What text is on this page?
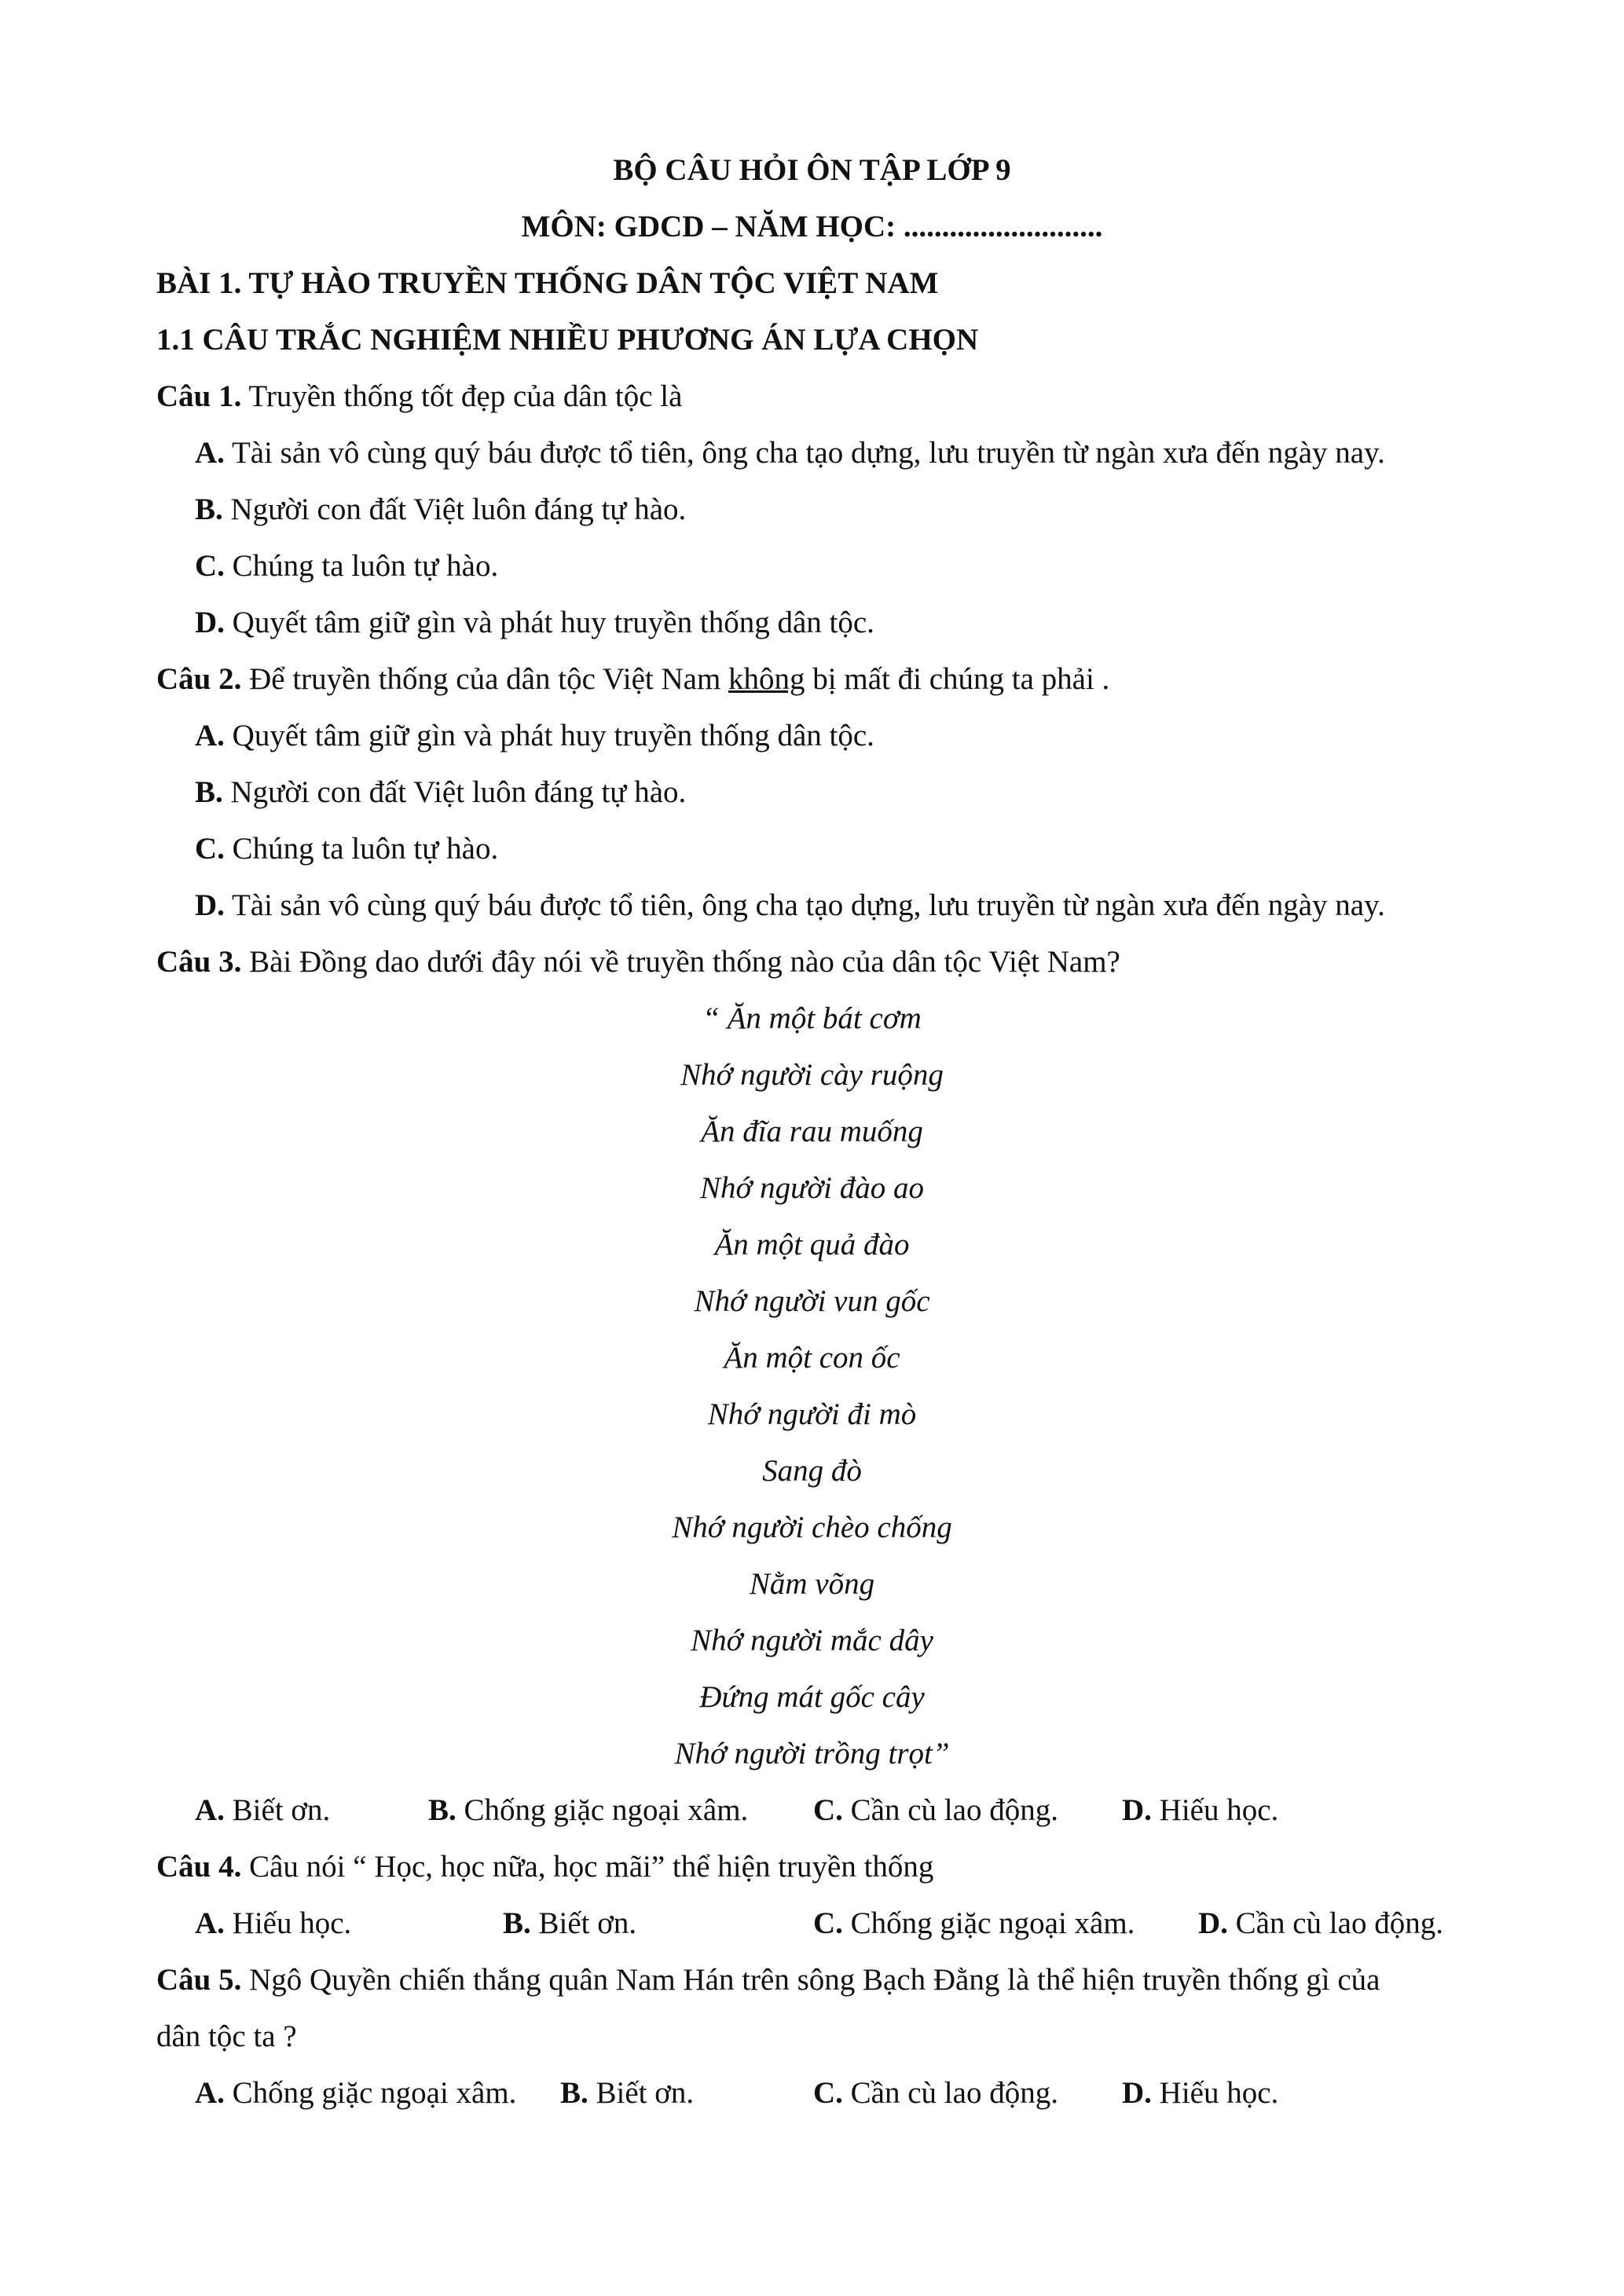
BỘ CÂU HỎI ÔN TẬP LỚP 9
MÔN: GDCD – NĂM HỌC: ..........................
BÀI 1. TỰ HÀO TRUYỀN THỐNG DÂN TỘC VIỆT NAM
1.1 CÂU TRẮC NGHIỆM NHIỀU PHƯƠNG ÁN LỰA CHỌN
Câu 1. Truyền thống tốt đẹp của dân tộc là
A. Tài sản vô cùng quý báu được tổ tiên, ông cha tạo dựng, lưu truyền từ ngàn xưa đến ngày nay.
B. Người con đất Việt luôn đáng tự hào.
C. Chúng ta luôn tự hào.
D. Quyết tâm giữ gìn và phát huy truyền thống dân tộc.
Câu 2. Để truyền thống của dân tộc Việt Nam không bị mất đi chúng ta phải .
A. Quyết tâm giữ gìn và phát huy truyền thống dân tộc.
B. Người con đất Việt luôn đáng tự hào.
C. Chúng ta luôn tự hào.
D. Tài sản vô cùng quý báu được tổ tiên, ông cha tạo dựng, lưu truyền từ ngàn xưa đến ngày nay.
Câu 3. Bài Đồng dao dưới đây nói về truyền thống nào của dân tộc Việt Nam?
“ Ăn một bát cơm
Nhớ người cày ruộng
Ăn đĩa rau muống
Nhớ người đào ao
Ăn một quả đào
Nhớ người vun gốc
Ăn một con ốc
Nhớ người đi mò
Sang đò
Nhớ người chèo chống
Nằm võng
Nhớ người mắc dây
Đứng mát gốc cây
Nhớ người trồng trọt”
A. Biết ơn.	B. Chống giặc ngoại xâm. C. Cần cù lao động. D. Hiếu học.
Câu 4. Câu nói “ Học, học nữa, học mãi” thể hiện truyền thống
A. Hiếu học.	B. Biết ơn.	C. Chống giặc ngoại xâm. D. Cần cù lao động.
Câu 5. Ngô Quyền chiến thắng quân Nam Hán trên sông Bạch Đằng là thể hiện truyền thống gì của
dân tộc ta ?
A. Chống giặc ngoại xâm. B. Biết ơn.	C. Cần cù lao động. D. Hiếu học.
